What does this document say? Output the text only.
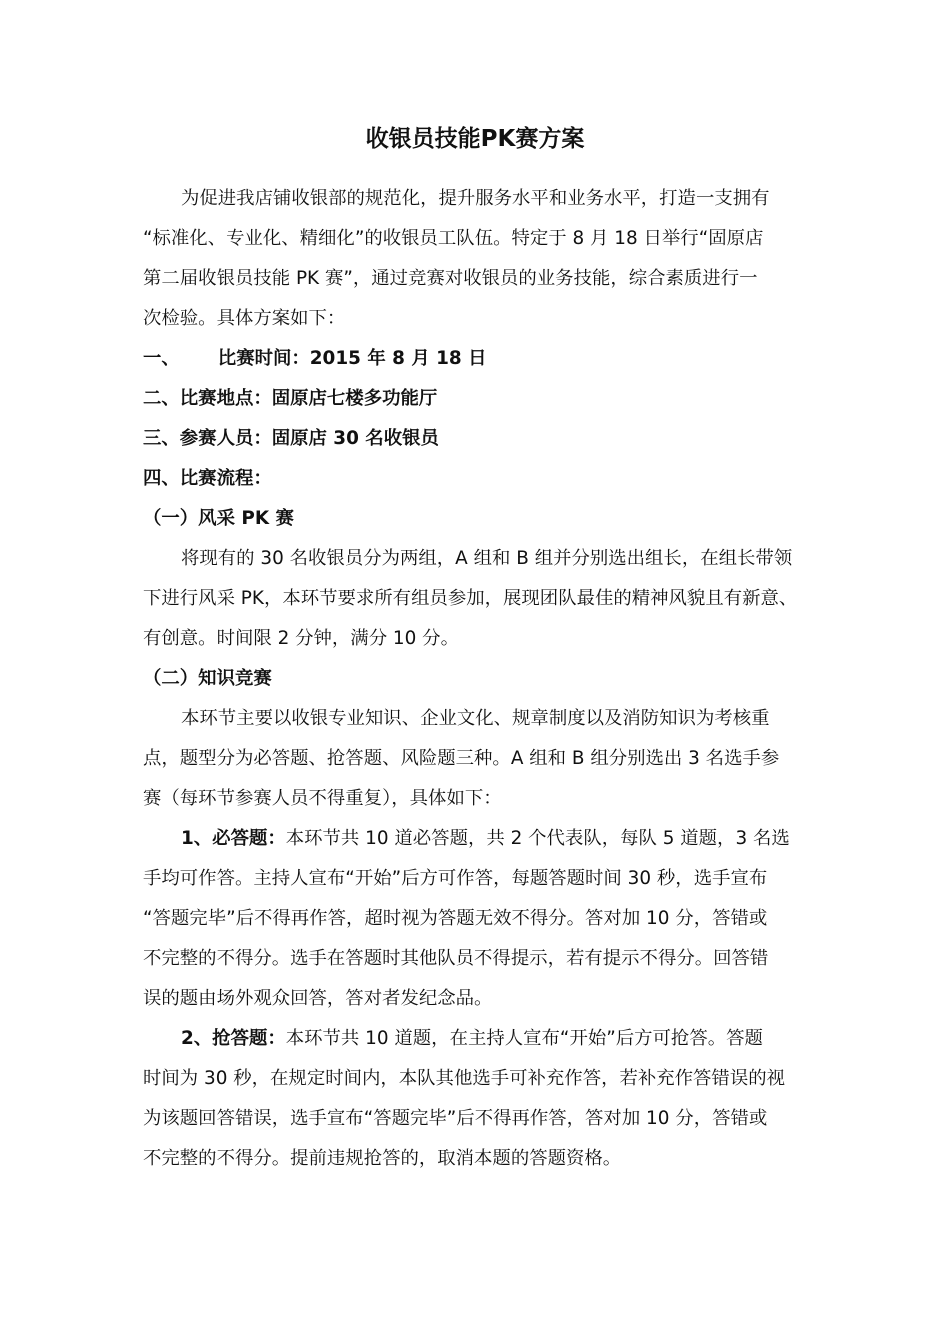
收银员技能PK赛方案
为促进我店铺收银部的规范化，提升服务水平和业务水平，打造一支拥有
“标准化、专业化、精细化”的收银员工队伍。特定于 8 月 18 日举行“固原店
第二届收银员技能 PK 赛”，通过竞赛对收银员的业务技能，综合素质进行一
次检验。具体方案如下：
一、 比赛时间：2015 年 8 月 18 日
二、比赛地点：固原店七楼多功能厅
三、参赛人员：固原店 30 名收银员
四、比赛流程：
（一）风采 PK 赛
将现有的 30 名收银员分为两组，A 组和 B 组并分别选出组长，在组长带领
下进行风采 PK，本环节要求所有组员参加，展现团队最佳的精神风貌且有新意、
有创意。时间限 2 分钟，满分 10 分。
（二）知识竞赛
本环节主要以收银专业知识、企业文化、规章制度以及消防知识为考核重
点，题型分为必答题、抢答题、风险题三种。A 组和 B 组分别选出 3 名选手参
赛（每环节参赛人员不得重复），具体如下：
1、必答题：本环节共 10 道必答题，共 2 个代表队，每队 5 道题，3 名选
手均可作答。主持人宣布“开始”后方可作答，每题答题时间 30 秒，选手宣布
“答题完毕”后不得再作答，超时视为答题无效不得分。答对加 10 分，答错或
不完整的不得分。选手在答题时其他队员不得提示，若有提示不得分。回答错
误的题由场外观众回答，答对者发纪念品。
2、抢答题：本环节共 10 道题，在主持人宣布“开始”后方可抢答。答题
时间为 30 秒，在规定时间内，本队其他选手可补充作答，若补充作答错误的视
为该题回答错误，选手宣布“答题完毕”后不得再作答，答对加 10 分，答错或
不完整的不得分。提前违规抢答的，取消本题的答题资格。
